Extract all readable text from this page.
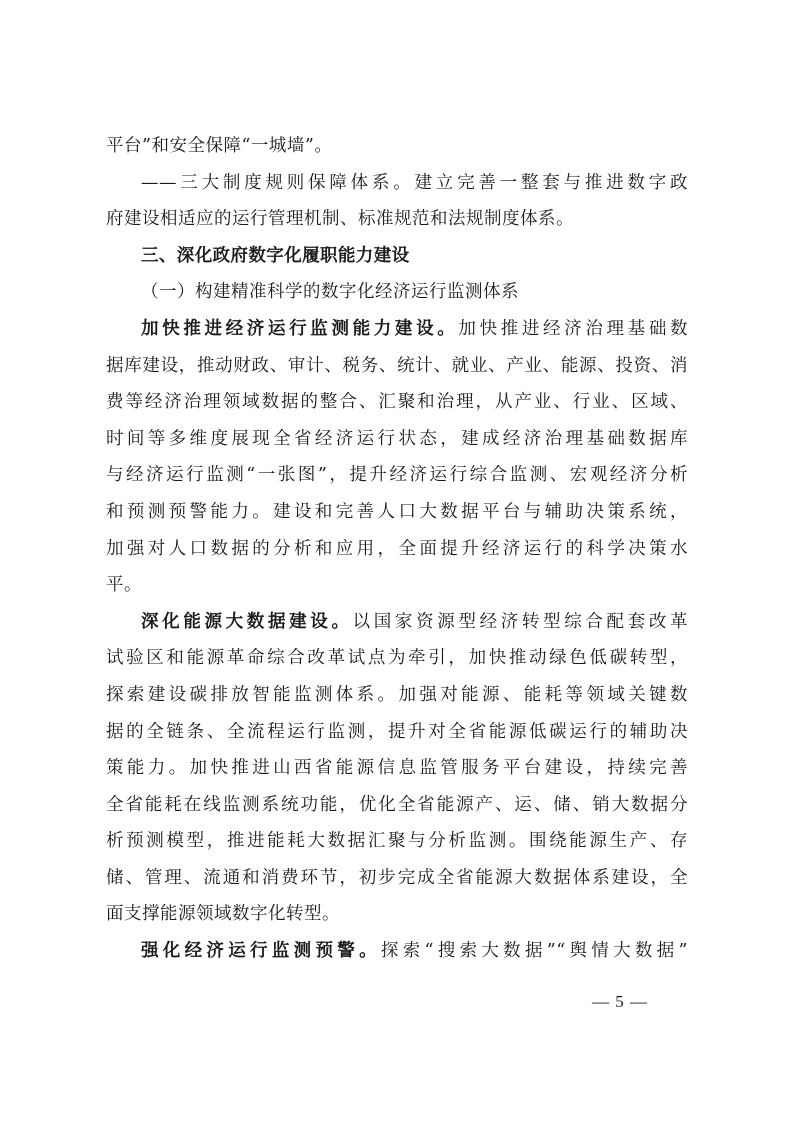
平台”和安全保障“一城墙”。
——三大制度规则保障体系。建立完善一整套与推进数字政
府建设相适应的运行管理机制、标准规范和法规制度体系。
三、深化政府数字化履职能力建设
（一）构建精准科学的数字化经济运行监测体系
加快推进经济运行监测能力建设。加快推进经济治理基础数
据库建设，推动财政、审计、税务、统计、就业、产业、能源、投资、消
费等经济治理领域数据的整合、汇聚和治理，从产业、行业、区域、
时间等多维度展现全省经济运行状态，建成经济治理基础数据库
与经济运行监测“一张图”，提升经济运行综合监测、宏观经济分析
和预测预警能力。建设和完善人口大数据平台与辅助决策系统，
加强对人口数据的分析和应用，全面提升经济运行的科学决策水
平。
深化能源大数据建设。以国家资源型经济转型综合配套改革
试验区和能源革命综合改革试点为牵引，加快推动绿色低碳转型，
探索建设碳排放智能监测体系。加强对能源、能耗等领域关键数
据的全链条、全流程运行监测，提升对全省能源低碳运行的辅助决
策能力。加快推进山西省能源信息监管服务平台建设，持续完善
全省能耗在线监测系统功能，优化全省能源产、运、储、销大数据分
析预测模型，推进能耗大数据汇聚与分析监测。围绕能源生产、存
储、管理、流通和消费环节，初步完成全省能源大数据体系建设，全
面支撑能源领域数字化转型。
强化经济运行监测预警。探索“搜索大数据”“舆情大数据”
— 5 —
